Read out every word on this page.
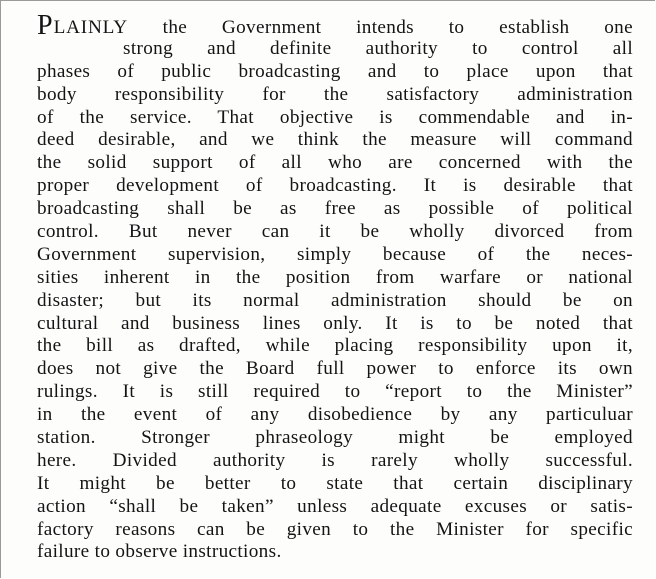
PLAINLY the Government intends to establish one
strong and definite authority to control all
phases of public broadcasting and to place upon that
body responsibility for the satisfactory administration
of the service. That objective is commendable and in-
deed desirable, and we think the measure will command
the solid support of all who are concerned with the
proper development of broadcasting. It is desirable that
broadcasting shall be as free as possible of political
control. But never can it be wholly divorced from
Government supervision, simply because of the neces-
sities inherent in the position from warfare or national
disaster; but its normal administration should be on
cultural and business lines only. It is to be noted that
the bill as drafted, while placing responsibility upon it,
does not give the Board full power to enforce its own
rulings. It is still required to “report to the Minister”
in the event of any disobedience by any particuluar
station. Stronger phraseology might be employed
here. Divided authority is rarely wholly successful.
It might be better to state that certain disciplinary
action “shall be taken” unless adequate excuses or satis-
factory reasons can be given to the Minister for specific
failure to observe instructions.
